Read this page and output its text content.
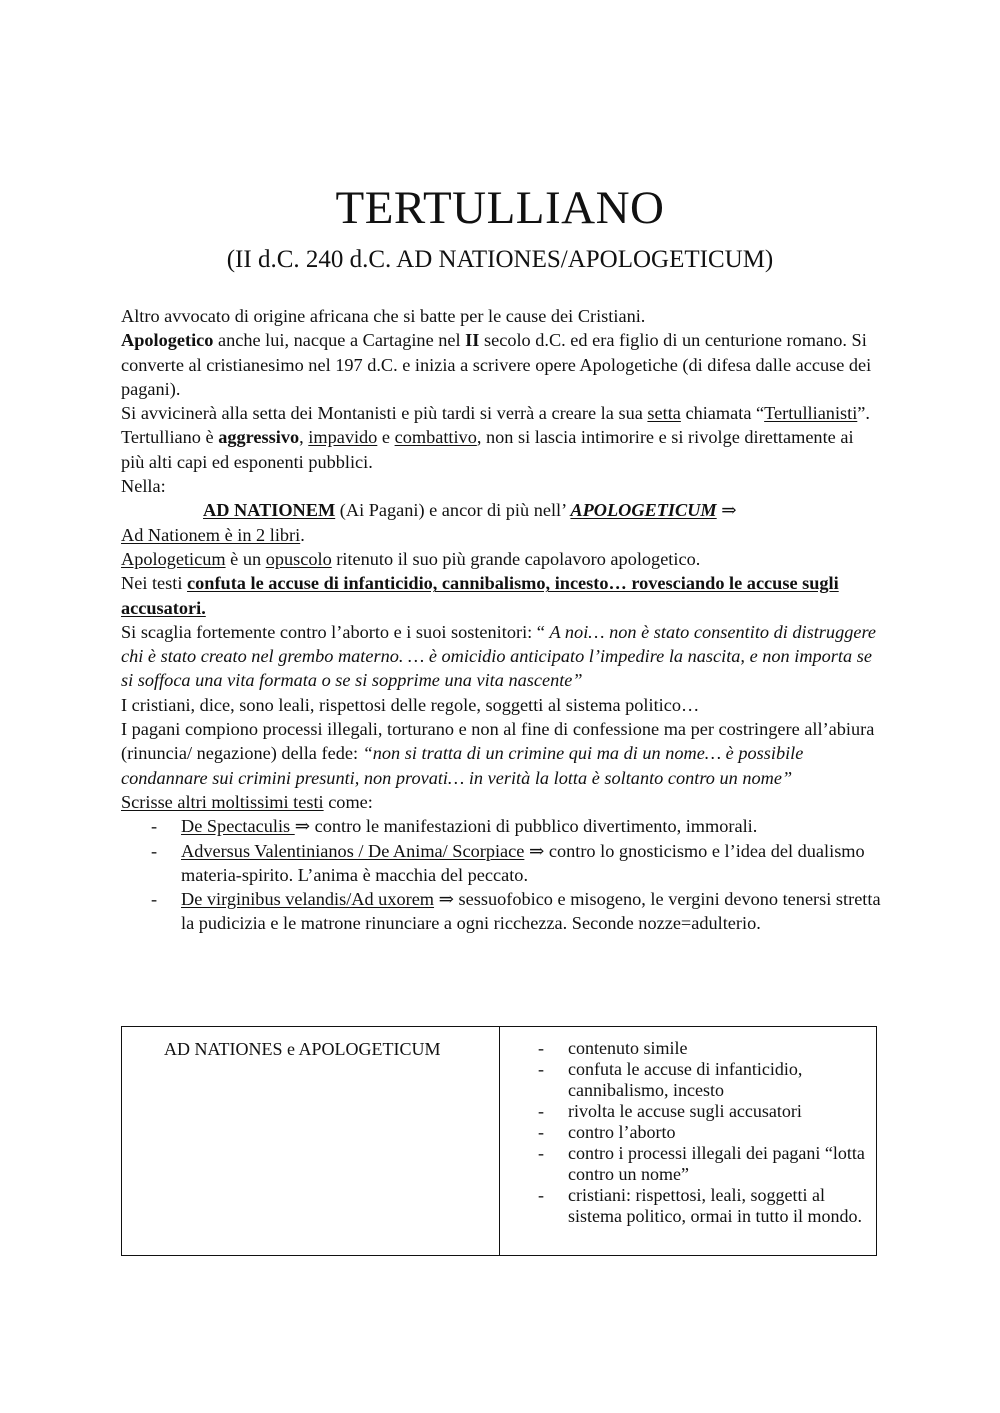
TERTULLIANO
(II d.C. 240 d.C. AD NATIONES/APOLOGETICUM)

Altro avvocato di origine africana che si batte per le cause dei Cristiani.

Apologetico anche lui, nacque a Cartagine nel II secolo d.C. ed era figlio di un centurione romano. Si converte al cristianesimo nel 197 d.C. e inizia a scrivere opere Apologetiche (di difesa dalle accuse dei pagani).

Si avvicinerà alla setta dei Montanisti e più tardi si verrà a creare la sua setta chiamata “Tertullianisti”.

Tertulliano è aggressivo, impavido e combattivo, non si lascia intimorire e si rivolge direttamente ai più alti capi ed esponenti pubblici.

Nella:

AD NATIONEM (Ai Pagani) e ancor di più nell’ APOLOGETICUM ⇒

Ad Nationem è in 2 libri.

Apologeticum è un opuscolo ritenuto il suo più grande capolavoro apologetico.

Nei testi confuta le accuse di infanticidio, cannibalismo, incesto… rovesciando le accuse sugli accusatori.

Si scaglia fortemente contro l’aborto e i suoi sostenitori: “ A noi… non è stato consentito di distruggere chi è stato creato nel grembo materno. … è omicidio anticipato l’impedire la nascita, e non importa se si soffoca una vita formata o se si sopprime una vita nascente”

I cristiani, dice, sono leali, rispettosi delle regole, soggetti al sistema politico…

I pagani compiono processi illegali, torturano e non al fine di confessione ma per costringere all’abiura (rinuncia/ negazione) della fede: “non si tratta di un crimine qui ma di un nome… è possibile condannare sui crimini presunti, non provati… in verità la lotta è soltanto contro un nome”

Scrisse altri moltissimi testi come:

- De Spectaculis ⇒ contro le manifestazioni di pubblico divertimento, immorali.
- Adversus Valentinianos / De Anima/ Scorpiace ⇒ contro lo gnosticismo e l’idea del dualismo materia-spirito. L’anima è macchia del peccato.
- De virginibus velandis/Ad uxorem ⇒ sessuofobico e misogeno, le vergini devono tenersi stretta la pudicizia e le matrone rinunciare a ogni ricchezza. Seconde nozze=adulterio.
AD NATIONES e APOLOGETICUM	- contenuto simile
- confuta le accuse di infanticidio, cannibalismo, incesto
- rivolta le accuse sugli accusatori
- contro l’aborto
- contro i processi illegali dei pagani “lotta contro un nome”
- cristiani: rispettosi, leali, soggetti al sistema politico, ormai in tutto il mondo.
